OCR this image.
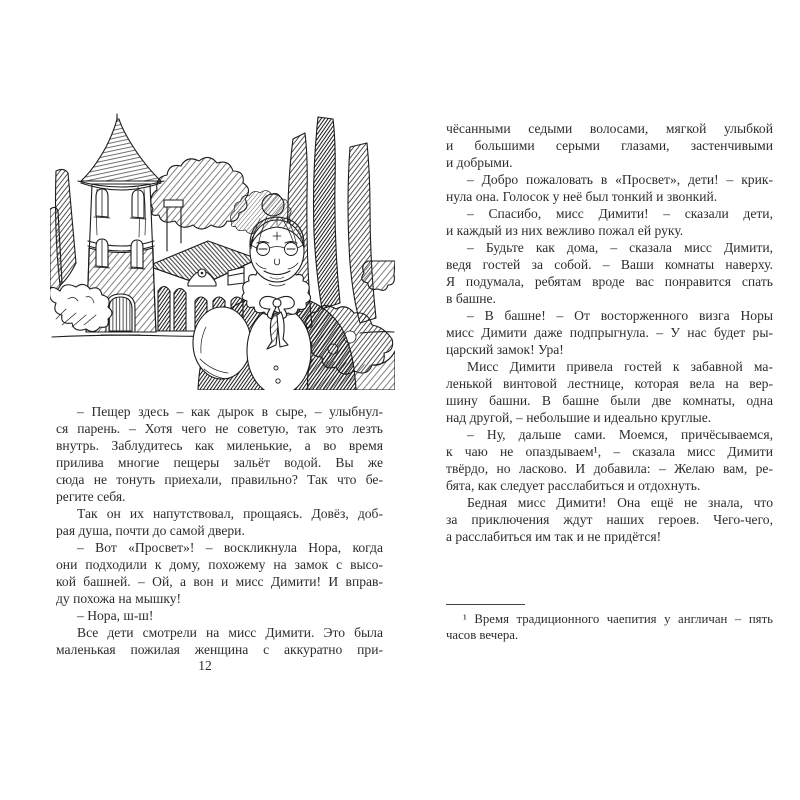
– Пещер здесь – как дырок в сыре, – улыбнул-
ся парень. – Хотя чего не советую, так это лезть
внутрь. Заблудитесь как миленькие, а во время
прилива многие пещеры зальёт водой. Вы же
сюда не тонуть приехали, правильно? Так что бе-
регите себя.
Так он их напутствовал, прощаясь. Довёз, доб-
рая душа, почти до самой двери.
– Вот «Просвет»! – воскликнула Нора, когда
они подходили к дому, похожему на замок с высо-
кой башней. – Ой, а вон и мисс Димити! И вправ-
ду похожа на мышку!
– Нора, ш-ш!
Все дети смотрели на мисс Димити. Это была
маленькая пожилая женщина с аккуратно при-
12
чёсанными седыми волосами, мягкой улыбкой
и большими серыми глазами, застенчивыми
и добрыми.
– Добро пожаловать в «Просвет», дети! – крик-
нула она. Голосок у неё был тонкий и звонкий.
– Спасибо, мисс Димити! – сказали дети,
и каждый из них вежливо пожал ей руку.
– Будьте как дома, – сказала мисс Димити,
ведя гостей за собой. – Ваши комнаты наверху.
Я подумала, ребятам вроде вас понравится спать
в башне.
– В башне! – От восторженного визга Норы
мисс Димити даже подпрыгнула. – У нас будет ры-
царский замок! Ура!
Мисс Димити привела гостей к забавной ма-
ленькой винтовой лестнице, которая вела на вер-
шину башни. В башне были две комнаты, одна
над другой, – небольшие и идеально круглые.
– Ну, дальше сами. Моемся, причёсываемся,
к чаю не опаздываем¹, – сказала мисс Димити
твёрдо, но ласково. И добавила: – Желаю вам, ре-
бята, как следует расслабиться и отдохнуть.
Бедная мисс Димити! Она ещё не знала, что
за приключения ждут наших героев. Чего-чего,
а расслабиться им так и не придётся!
¹ Время традиционного чаепития у англичан – пять
часов вечера.
